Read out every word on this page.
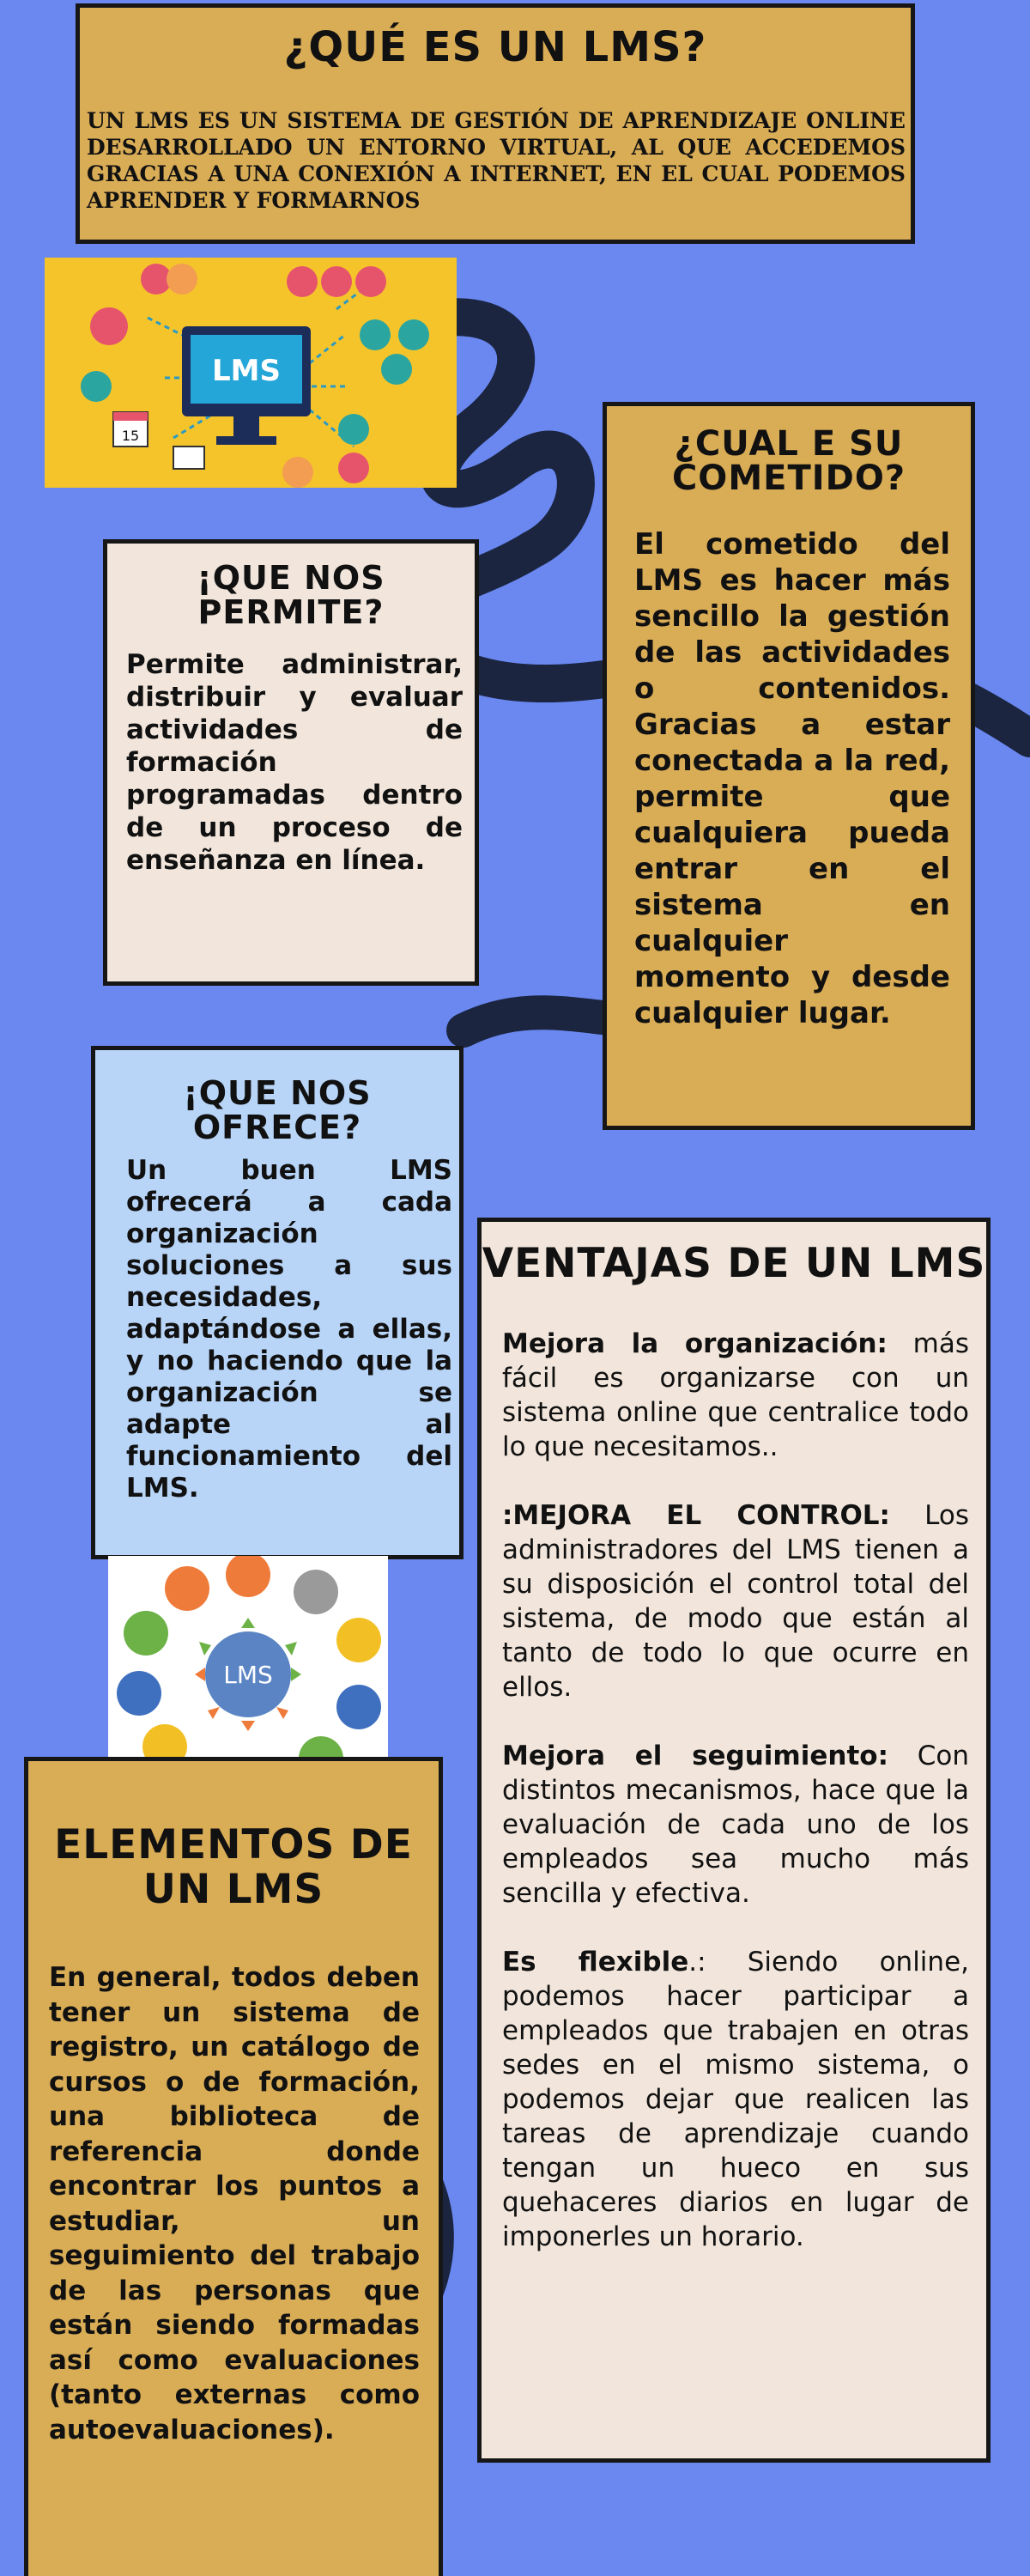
¿QUÉ ES UN LMS?

UN LMS ES UN SISTEMA DE GESTIÓN DE APRENDIZAJE ONLINE DESARROLLADO UN ENTORNO VIRTUAL, AL QUE ACCEDEMOS GRACIAS A UNA CONEXIÓN A INTERNET, EN EL CUAL PODEMOS APRENDER Y FORMARNOS

LMS
15
¡QUE NOS PERMITE?

Permite administrar, distribuir y evaluar actividades de formación programadas dentro de un proceso de enseñanza en línea.

¿CUAL E SU COMETIDO?

El cometido del LMS es hacer más sencillo la gestión de las actividades o contenidos. Gracias a estar conectada a la red, permite que cualquiera pueda entrar en el sistema en cualquier momento y desde cualquier lugar.

¡QUE NOS OFRECE?

Un buen LMS ofrecerá a cada organización soluciones a sus necesidades, adaptándose a ellas, y no haciendo que la organización se adapte al funcionamiento del LMS.

LMS
VENTAJAS DE UN LMS

Mejora la organización: más fácil es organizarse con un sistema online que centralice todo lo que necesitamos..

:MEJORA EL CONTROL: Los administradores del LMS tienen a su disposición el control total del sistema, de modo que están al tanto de todo lo que ocurre en ellos.

Mejora el seguimiento: Con distintos mecanismos, hace que la evaluación de cada uno de los empleados sea mucho más sencilla y efectiva.

Es flexible.: Siendo online, podemos hacer participar a empleados que trabajen en otras sedes en el mismo sistema, o podemos dejar que realicen las tareas de aprendizaje cuando tengan un hueco en sus quehaceres diarios en lugar de imponerles un horario.

ELEMENTOS DE UN LMS

En general, todos deben tener un sistema de registro, un catálogo de cursos o de formación, una biblioteca de referencia donde encontrar los puntos a estudiar, un seguimiento del trabajo de las personas que están siendo formadas así como evaluaciones (tanto externas como autoevaluaciones).
